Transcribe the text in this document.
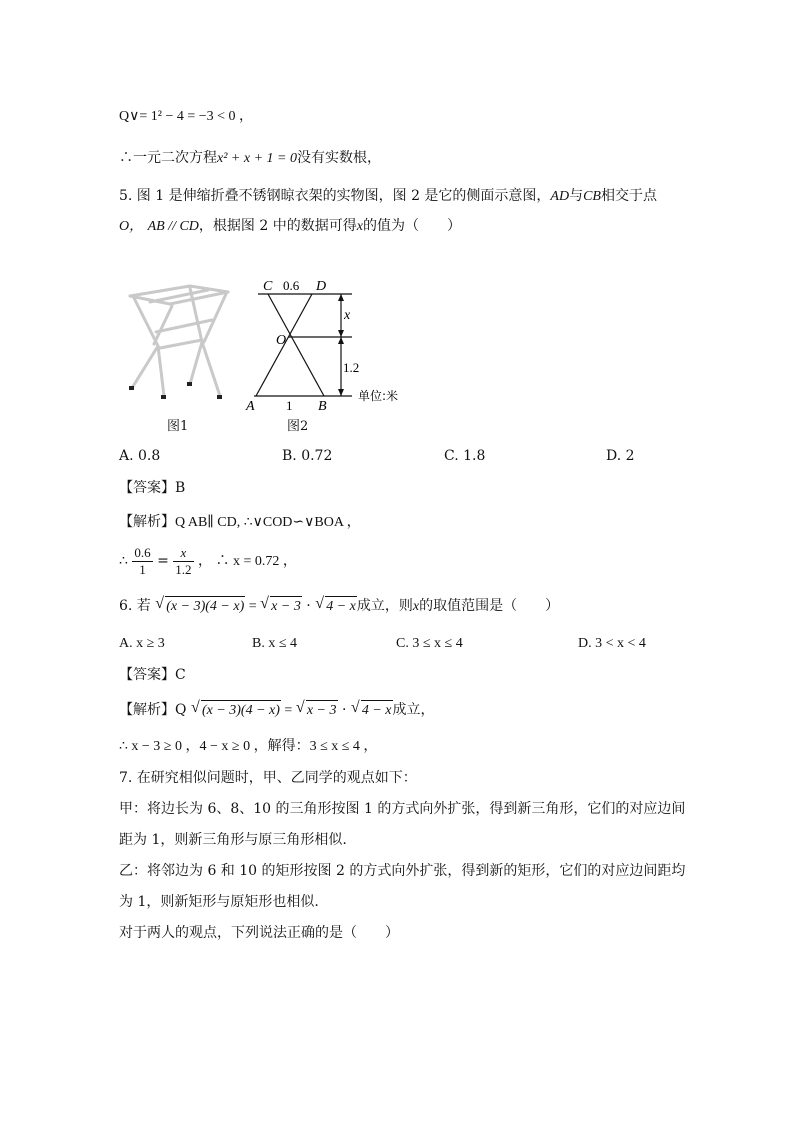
Q∨= 1² − 4 = −3 < 0 ，
∴一元二次方程x² + x + 1 = 0没有实数根，
5. 图 1 是伸缩折叠不锈钢晾衣架的实物图，图 2 是它的侧面示意图，AD与CB相交于点
O， AB // CD，根据图 2 中的数据可得x的值为（　　）
图1
C 0.6 D
O
x
1.2
A 1 B
单位:米
图2
A. 0.8	B. 0.72	C. 1.8	D. 2
【答案】B
【解析】Q AB∥ CD, ∴∨COD∽∨BOA ，
∴ $\frac{0.6}{1} = \frac{x}{1.2}$ ， ∴ x = 0.72 ，
6. 若 √ (x − 3)(4 − x) = √ x − 3 · √ 4 − x成立，则x的取值范围是（　　）
A. x ≥ 3	B. x ≤ 4	C. 3 ≤ x ≤ 4	D. 3 < x < 4
【答案】C
【解析】Q √ (x − 3)(4 − x) = √ x − 3 · √ 4 − x成立，
∴ x − 3 ≥ 0 ，4 − x ≥ 0 ，解得：3 ≤ x ≤ 4 ，
7. 在研究相似问题时，甲、乙同学的观点如下：
甲：将边长为 6、8、10 的三角形按图 1 的方式向外扩张，得到新三角形，它们的对应边间
距为 1，则新三角形与原三角形相似.
乙：将邻边为 6 和 10 的矩形按图 2 的方式向外扩张，得到新的矩形，它们的对应边间距均
为 1，则新矩形与原矩形也相似.
对于两人的观点，下列说法正确的是（　　）
